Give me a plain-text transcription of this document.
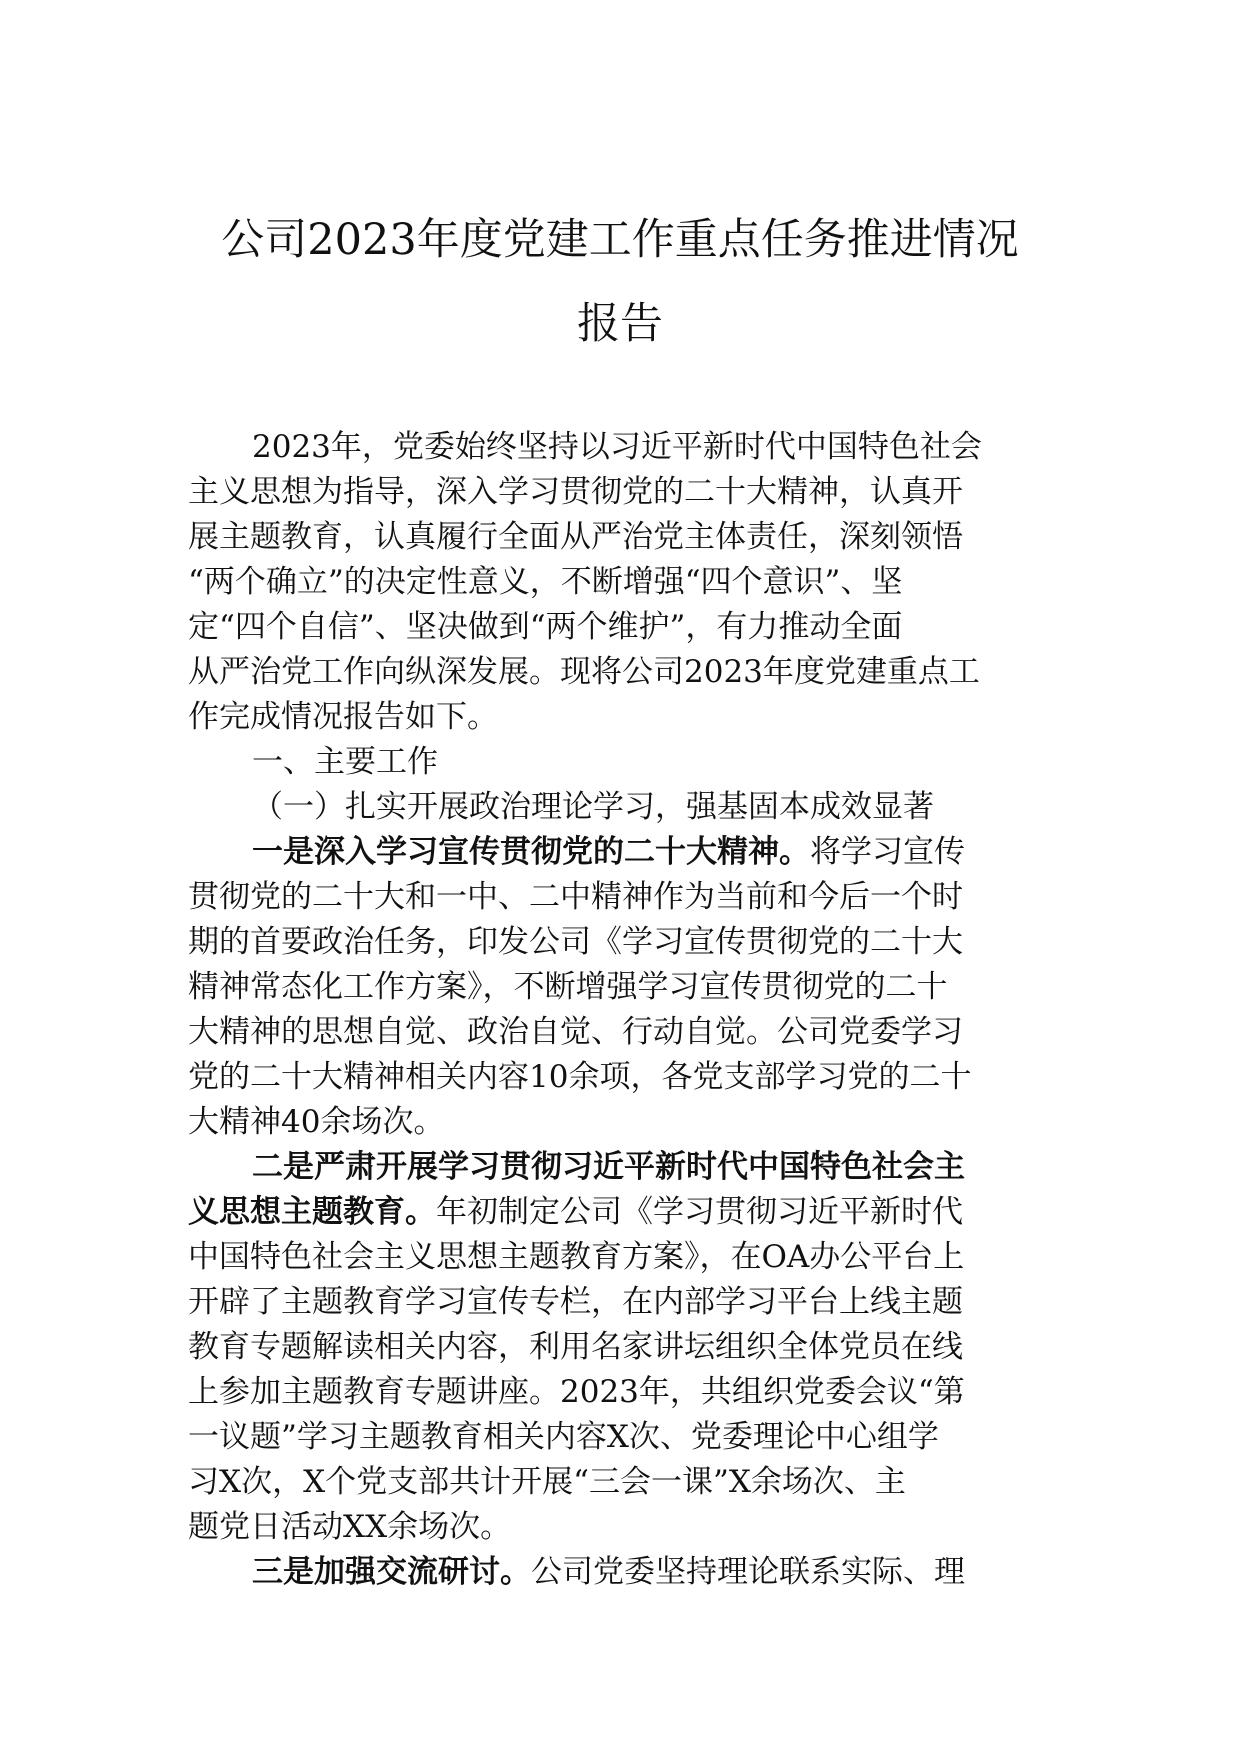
公司2023年度党建工作重点任务推进情况
报告
2023年，党委始终坚持以习近平新时代中国特色社会
主义思想为指导，深入学习贯彻党的二十大精神，认真开
展主题教育，认真履行全面从严治党主体责任，深刻领悟
“两个确立”的决定性意义，不断增强“四个意识”、坚
定“四个自信”、坚决做到“两个维护”，有力推动全面
从严治党工作向纵深发展。现将公司2023年度党建重点工
作完成情况报告如下。
一、主要工作
（一）扎实开展政治理论学习，强基固本成效显著
一是深入学习宣传贯彻党的二十大精神。将学习宣传
贯彻党的二十大和一中、二中精神作为当前和今后一个时
期的首要政治任务，印发公司《学习宣传贯彻党的二十大
精神常态化工作方案》，不断增强学习宣传贯彻党的二十
大精神的思想自觉、政治自觉、行动自觉。公司党委学习
党的二十大精神相关内容10余项，各党支部学习党的二十
大精神40余场次。
二是严肃开展学习贯彻习近平新时代中国特色社会主
义思想主题教育。年初制定公司《学习贯彻习近平新时代
中国特色社会主义思想主题教育方案》，在OA办公平台上
开辟了主题教育学习宣传专栏，在内部学习平台上线主题
教育专题解读相关内容，利用名家讲坛组织全体党员在线
上参加主题教育专题讲座。2023年，共组织党委会议“第
一议题”学习主题教育相关内容X次、党委理论中心组学
习X次，X个党支部共计开展“三会一课”X余场次、主
题党日活动XX余场次。
三是加强交流研讨。公司党委坚持理论联系实际、理
